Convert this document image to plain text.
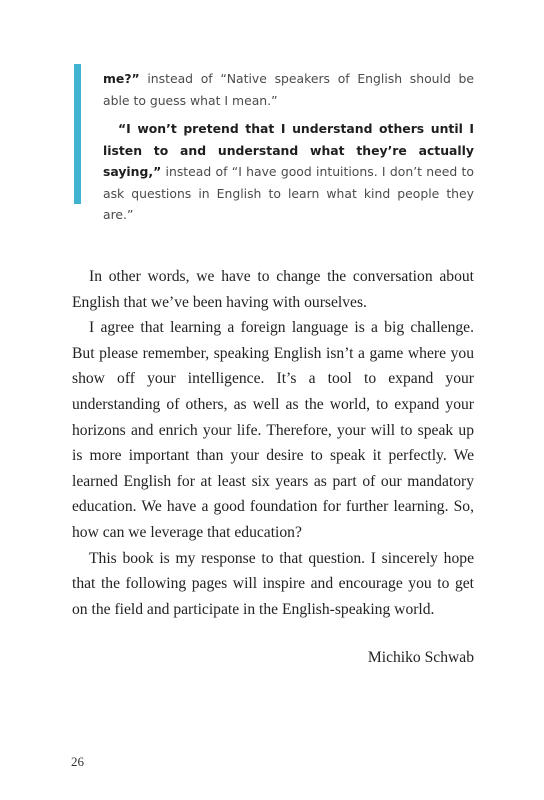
me?” instead of “Native speakers of English should be able to guess what I mean.”

“I won’t pretend that I understand others until I listen to and understand what they’re actually saying,” instead of “I have good intuitions. I don’t need to ask questions in English to learn what kind people they are.”

In other words, we have to change the conversation about English that we’ve been having with ourselves.

I agree that learning a foreign language is a big challenge. But please remember, speaking English isn’t a game where you show off your intelligence. It’s a tool to expand your understanding of others, as well as the world, to expand your horizons and enrich your life. Therefore, your will to speak up is more important than your desire to speak it perfectly. We learned English for at least six years as part of our mandatory education. We have a good foundation for further learning. So, how can we leverage that education?

This book is my response to that question. I sincerely hope that the following pages will inspire and encourage you to get on the field and participate in the English-speaking world.

Michiko Schwab
26
